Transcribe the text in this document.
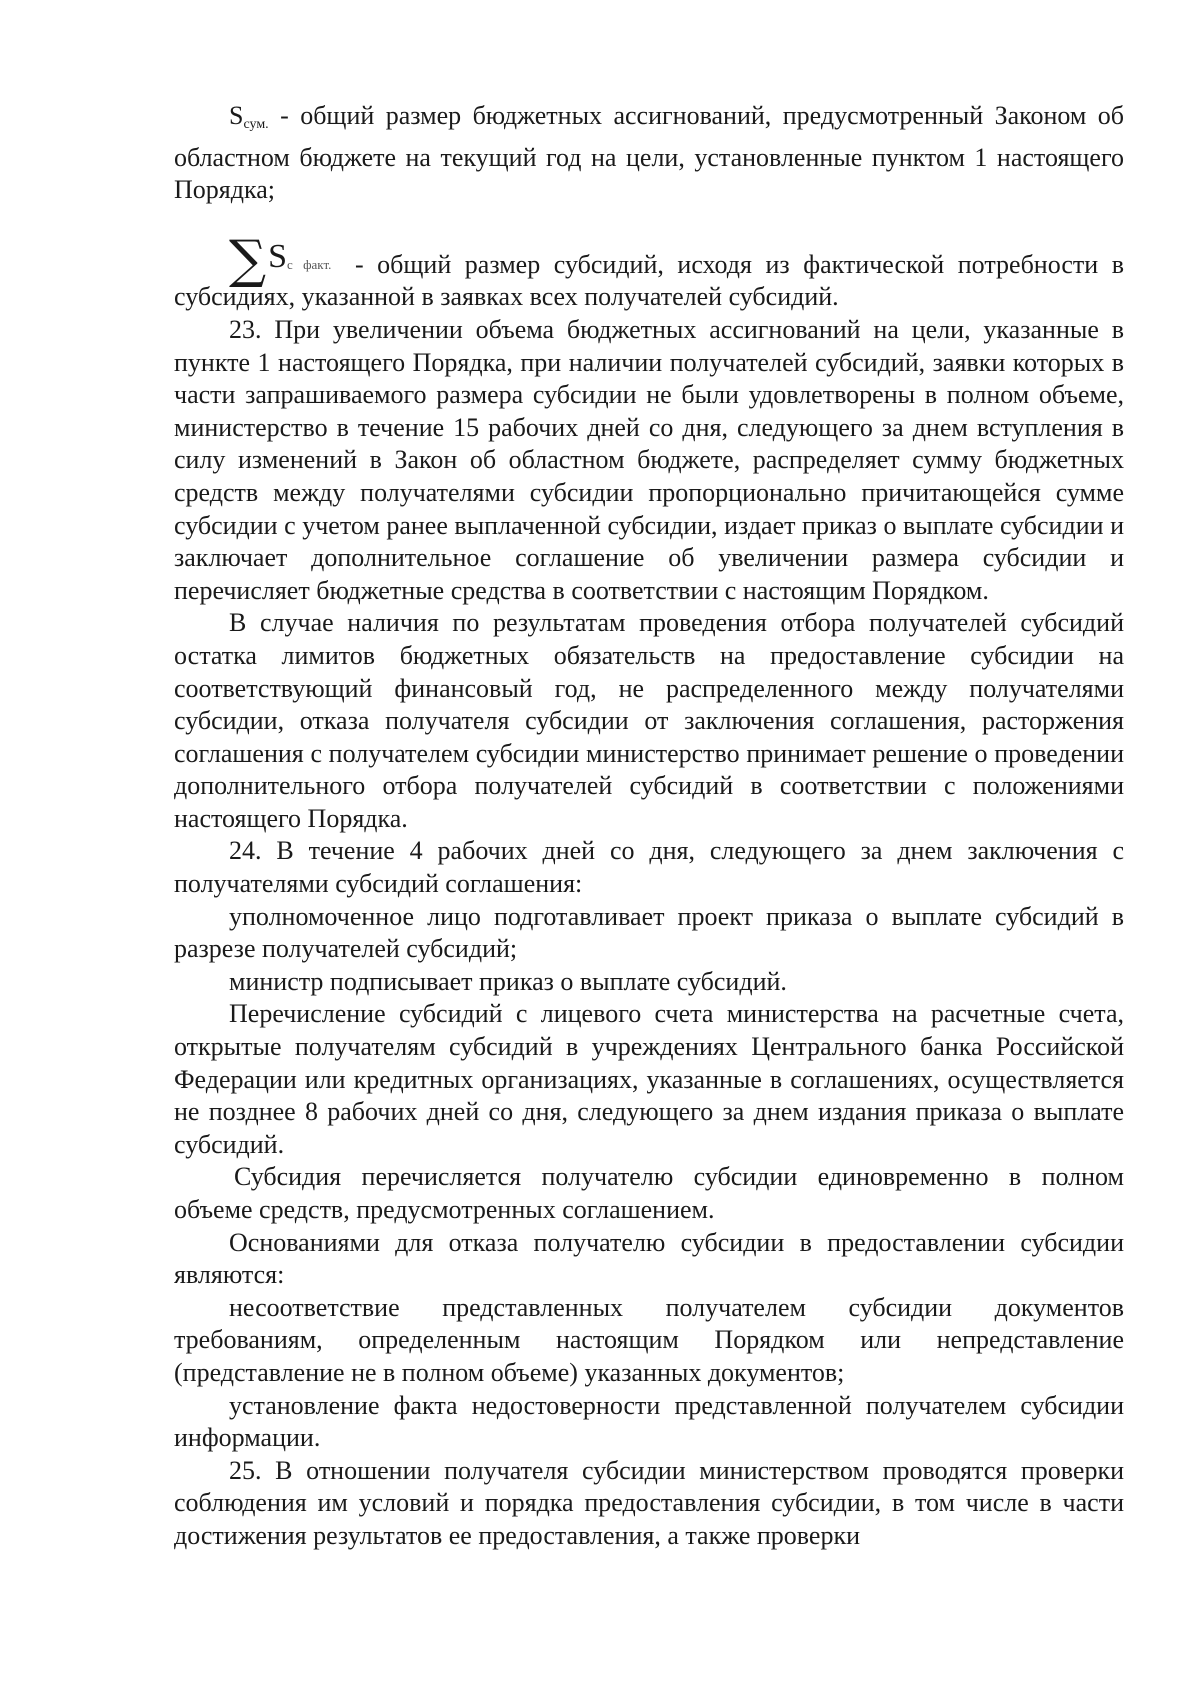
Sсум. - общий размер бюджетных ассигнований, предусмотренный Законом об областном бюджете на текущий год на цели, установленные пунктом 1 настоящего Порядка;

∑Sс факт. - общий размер субсидий, исходя из фактической потребности в субсидиях, указанной в заявках всех получателей субсидий.

23. При увеличении объема бюджетных ассигнований на цели, указанные в пункте 1 настоящего Порядка, при наличии получателей субсидий, заявки которых в части запрашиваемого размера субсидии не были удовлетворены в полном объеме, министерство в течение 15 рабочих дней со дня, следующего за днем вступления в силу изменений в Закон об областном бюджете, распределяет сумму бюджетных средств между получателями субсидии пропорционально причитающейся сумме субсидии с учетом ранее выплаченной субсидии, издает приказ о выплате субсидии и заключает дополнительное соглашение об увеличении размера субсидии и перечисляет бюджетные средства в соответствии с настоящим Порядком.

В случае наличия по результатам проведения отбора получателей субсидий остатка лимитов бюджетных обязательств на предоставление субсидии на соответствующий финансовый год, не распределенного между получателями субсидии, отказа получателя субсидии от заключения соглашения, расторжения соглашения с получателем субсидии министерство принимает решение о проведении дополнительного отбора получателей субсидий в соответствии с положениями настоящего Порядка.

24. В течение 4 рабочих дней со дня, следующего за днем заключения с получателями субсидий соглашения:

уполномоченное лицо подготавливает проект приказа о выплате субсидий в разрезе получателей субсидий;

министр подписывает приказ о выплате субсидий.

Перечисление субсидий с лицевого счета министерства на расчетные счета, открытые получателям субсидий в учреждениях Центрального банка Российской Федерации или кредитных организациях, указанные в соглашениях, осуществляется не позднее 8 рабочих дней со дня, следующего за днем издания приказа о выплате субсидий.

Субсидия перечисляется получателю субсидии единовременно в полном объеме средств, предусмотренных соглашением.

Основаниями для отказа получателю субсидии в предоставлении субсидии являются:

несоответствие представленных получателем субсидии документов требованиям, определенным настоящим Порядком или непредставление (представление не в полном объеме) указанных документов;

установление факта недостоверности представленной получателем субсидии информации.

25. В отношении получателя субсидии министерством проводятся проверки соблюдения им условий и порядка предоставления субсидии, в том числе в части достижения результатов ее предоставления, а также проверки
